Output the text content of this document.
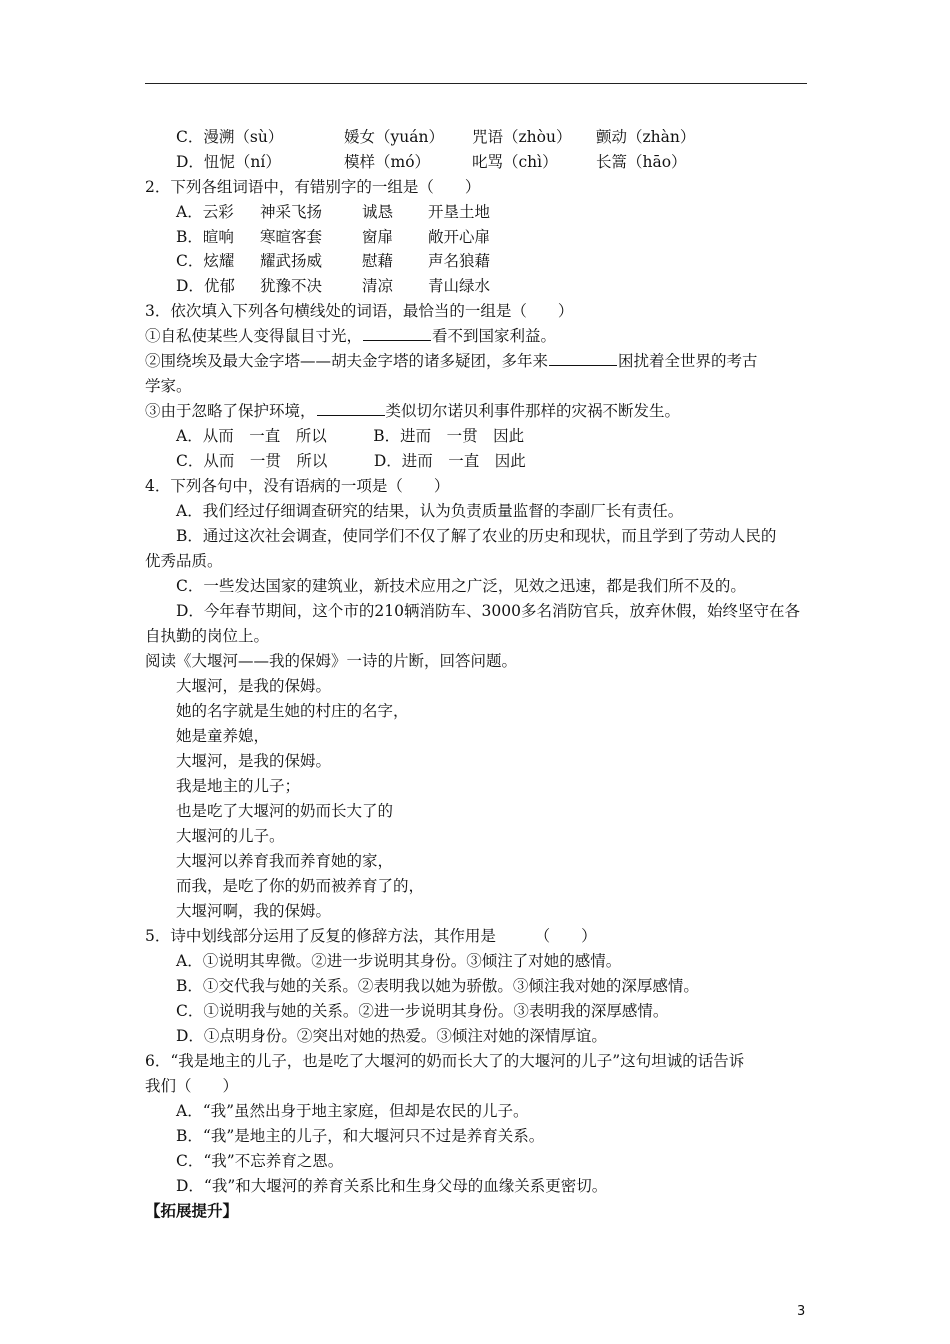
C．漫溯（sù）	媛女（yuán） 咒语（zhòu） 颤动（zhàn）
D．忸怩（ní）	模样（mó）	叱骂（chì） 长篙（hāo）
2．下列各组词语中，有错别字的一组是（　　）
A．云彩 神采飞扬	诚恳 开垦土地
B．暄响 寒暄客套	窗扉 敞开心扉
C．炫耀 耀武扬威	慰藉 声名狼藉
D．优郁 犹豫不决	清凉 青山绿水
3．依次填入下列各句横线处的词语，最恰当的一组是（　　）
①自私使某些人变得鼠目寸光，	看不到国家利益。
②围绕埃及最大金字塔——胡夫金字塔的诸多疑团，多年来	困扰着全世界的考古
学家。
③由于忽略了保护环境，	类似切尔诺贝利事件那样的灾祸不断发生。
A．从而　一直　所以　　　B．进而　一贯　因此
C．从而　一贯　所以　　　D．进而　一直　因此
4．下列各句中，没有语病的一项是（　　）
A．我们经过仔细调查研究的结果，认为负责质量监督的李副厂长有责任。
B．通过这次社会调查，使同学们不仅了解了农业的历史和现状，而且学到了劳动人民的
优秀品质。
C．一些发达国家的建筑业，新技术应用之广泛，见效之迅速，都是我们所不及的。
D．今年春节期间，这个市的210辆消防车、3000多名消防官兵，放弃休假，始终坚守在各
自执勤的岗位上。
阅读《大堰河——我的保姆》一诗的片断，回答问题。
大堰河，是我的保姆。
她的名字就是生她的村庄的名字，
她是童养媳，
大堰河，是我的保姆。
我是地主的儿子；
也是吃了大堰河的奶而长大了的
大堰河的儿子。
大堰河以养育我而养育她的家，
而我，是吃了你的奶而被养育了的，
大堰河啊，我的保姆。
5．诗中划线部分运用了反复的修辞方法，其作用是　　　（　　）
A．①说明其卑微。②进一步说明其身份。③倾注了对她的感情。
B．①交代我与她的关系。②表明我以她为骄傲。③倾注我对她的深厚感情。
C．①说明我与她的关系。②进一步说明其身份。③表明我的深厚感情。
D．①点明身份。②突出对她的热爱。③倾注对她的深情厚谊。
6．“我是地主的儿子，也是吃了大堰河的奶而长大了的大堰河的儿子”这句坦诚的话告诉
我们（　　）
A．“我”虽然出身于地主家庭，但却是农民的儿子。
B．“我”是地主的儿子，和大堰河只不过是养育关系。
C．“我”不忘养育之恩。
D．“我”和大堰河的养育关系比和生身父母的血缘关系更密切。
【拓展提升】
3
